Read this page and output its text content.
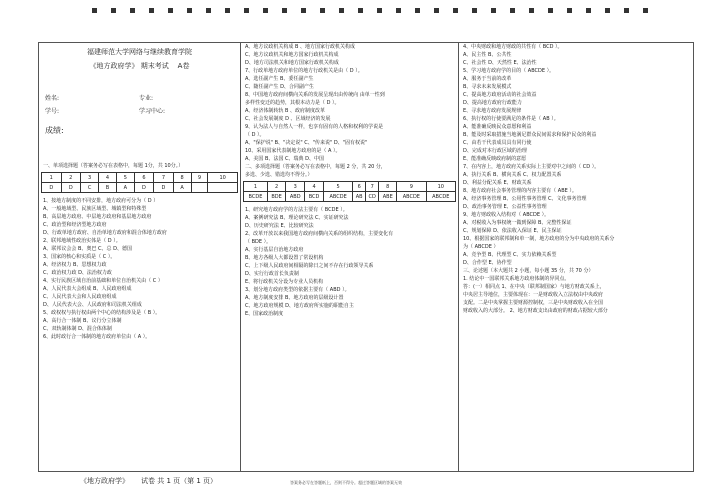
福建师范大学网络与继续教育学院
《地方政府学》 期末考试 A卷
姓名:	专业:
学号:	学习中心:
成绩:
一、单项选择题（答案务必写在表格中，每题 1分，共 10分。）
1	2	3	4	5	6	7	8	9	10
D	D	C	B	A	D	D	A		
1、按地方制度的不同安排，地方政府可分为（ D ）
A、一般地域型、民族区域型、城镇型和特殊型
B、高层地方政府、中层地方政府和基层地方政府
C、政治型和经济型地方政府
D、行政单地方政府、自治单地方政府和混合体地方政府
2、联邦地域性政治实体是（ D ）。
A、联邦议会会 B、奥巴 C、总 D、德国
3、国家的核心和实质是（ C ）。
A、经济权力 B、思想权力政
C、政治权力政 D、法治权力政
4、实行民族区域自治前基础和单位自治机关由（ C ）
A、人民代表大会组成 B、人民政府组成
C、人民代表大会和人民政府组成
D、人民代表大会、人民政府和司法机关组成
5、政权权与执行权由两个中心的结构涉及是（ B ）。
A、高行合一体制 B、议行分立体制
C、双轨制体制 D、混合体体制
6、此时政行合一体制的地方政府单位由（ A ）。
A、地方议政机关构成 B 、地方国家行政机关构成
C、地方议政机关和地方国家行政机关构成
D、地方司法机关和地方国家行政机关构成
7、行政单地方政府单位的地方行政机关是由（ D ）。
A、选任副产生 B、委任副产生
C、随任副产生 D、合同副产生
8、中国地方政府间横向关系的发展呈现出由传统向 由单一性到
多样性变迁的趋势，其根本动力是（ D ）。
A、经济体制转轨 B 、政府制度改革
C、社会发展制度 D 、区域经济的发展
9、认为法人与自然人一样，也享有固有的人格和权利的学说是
（ D ）。
A、"保护说" B、"决定说" C、"传来说" D、"固有权说"
10、采用国家代表制地方政府的是（ A ）。
A、美国 B、法国 C、瑞典 D、中国
二、多项选择题（答案务必写在表格中，每题 2 分，共 20 分，
多选、少选、错选均不得分。）
1	2	3	4	5	6	7	8	9	10
BCDE	BDE	ABD	BCD	ABCDE	AB	CD	ABE	ABCDE	ABCDE
1、研究地方政府学的方法主要有（ BCDE ）。
A、案例研究法 B、理论研究法 C、实证研究法
D、历史研究法 E、比较研究法
2、改革开放以来我国地方政府间横向关系的组织结构，主要变化有
（ BDE ）。
A、实行基层自治地方政府
B、地方各级人大都设置了常设机构
C、上下级人民政府间相隔的除日之间不存在行政领导关系
D、实行行政首长负责制
E、将行政机关分设为专业人员机构
3、划分地方政府类型的依据主要有（ ABD ）。
A、地方制度安排 B、地方政府的层级设计置
C、地方政府规模 D、地方政府所实施的职能自主
E、国家政治制度
4、中央财政和地方财政的共性有（ BCD ）。
A、民主性 B、公共性
C、社会性 D、天然性 E、法治性
5、学习地方政府学的目的（ ABCDE ）。
A、服务于当前的改革
B、寻求未来发展模式
C、提高地方政府活动的社会效益
D、提高地方政府行政能力
E、寻求地方政府发展规律
6、执行权的行使要满足的条件是（ AB ）。
A、能准确反映民众意愿和利益
B、能及时采取措施当地满足群众民间需求和保护民众的利益
C、由若干代表成员具有同行使
D、完成对本行政区域的治理
E、能准确反映政府制的意愿
7、在内容上，地方政府关系实际上主要对中之间的（ CD ）。
A、执行关系 B、横向关系 C、权力配置关系
D、利益分配关系 E、财政关系
8、地方政府社会事务管理的内容主要有（ ABE ）。
A、经济事务管理 B、公用性事务管理 C、文化事务管理
D、政治事务管理 E、公益性事务管理
9、地方财政收入结构对（ ABCDE ）。
A、对税收入为事权统一做到保障 B、完整性保证
C、规划保障 D、依法收入保证 E、民主保证
10、根据国家的联邦制和单一制，地方政府的分为中央政府的关系分
为（ ABCDE ）
A、竞争型 B、代理型 C、实力依赖关系型
D、合作型 E、协作型
三、论述题（本大题共 2 小题，每小题 35 分，共 70 分）
1. 结论中一国联邦关系地方政府体制的异同点。
答：(一）相同点 1、在中央（联邦制国家）与地方财政关系上，
中央居主导地位，主要体现在：一是财政收入立法权由中央政府
支配。二是中央掌握主要财源控制权，三是中央财政收入在全国
财政收入的大部分。 2、地方财政支出由政府的财政占据较大部分
《地方政府学》 试卷 共 1 页（第 1 页）	答案务必写在答题纸上，否则不得分。超过答题区域的答案无效
